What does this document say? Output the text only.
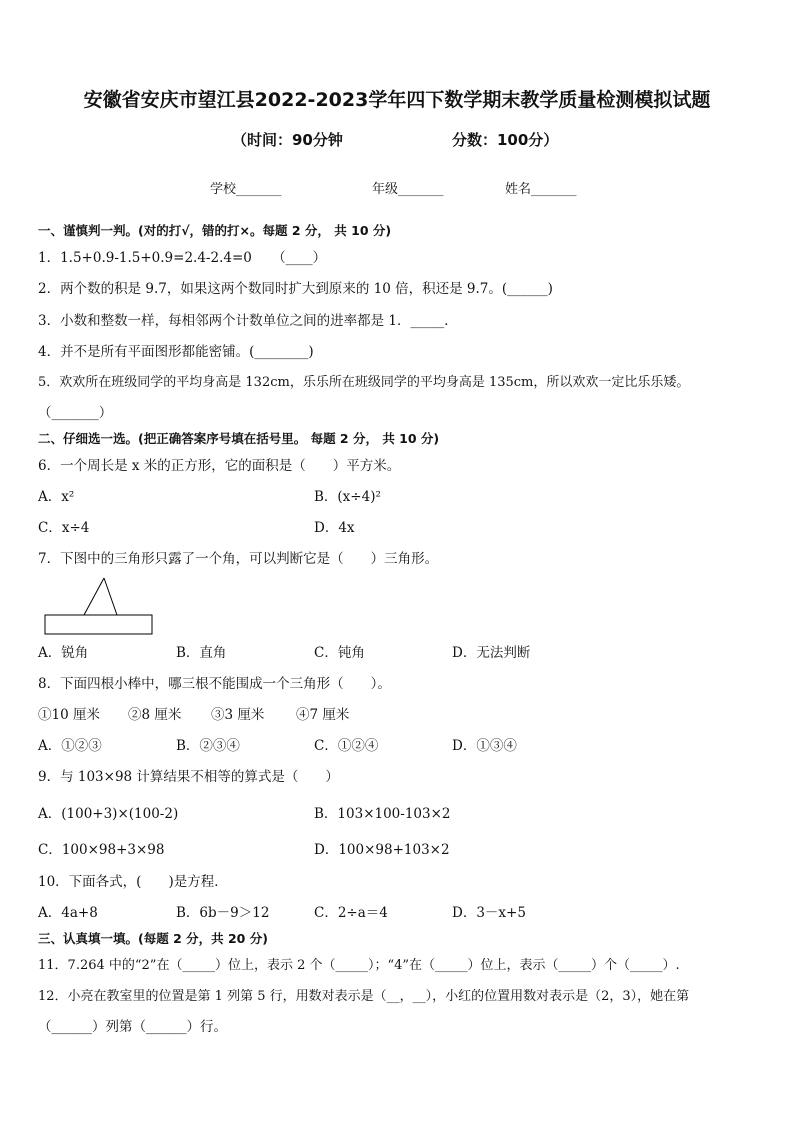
安徽省安庆市望江县2022-2023学年四下数学期末教学质量检测模拟试题
（时间：90分钟	分数：100分）
学校_______	年级_______	姓名_______
一、谨慎判一判。(对的打√，错的打×。每题 2 分， 共 10 分)
1．1.5+0.9-1.5+0.9=2.4-2.4=0　　（____）
2．两个数的积是 9.7，如果这两个数同时扩大到原来的 10 倍，积还是 9.7。(______)
3．小数和整数一样，每相邻两个计数单位之间的进率都是 1．_____．
4．并不是所有平面图形都能密铺。(________)
5．欢欢所在班级同学的平均身高是 132cm，乐乐所在班级同学的平均身高是 135cm，所以欢欢一定比乐乐矮。
（_______）
二、仔细选一选。(把正确答案序号填在括号里。 每题 2 分， 共 10 分)
6．一个周长是 x 米的正方形，它的面积是（　　）平方米。
A．x²	B．(x÷4)²
C．x÷4	D．4x
7．下图中的三角形只露了一个角，可以判断它是（　　）三角形。
A．锐角	B．直角	C．钝角	D．无法判断
8．下面四根小棒中，哪三根不能围成一个三角形（　　）。
①10 厘米 ②8 厘米 ③3 厘米 ④7 厘米
A．①②③	B．②③④	C．①②④	D．①③④
9．与 103×98 计算结果不相等的算式是（　　）
A．(100+3)×(100-2)	B．103×100-103×2
C．100×98+3×98	D．100×98+103×2
10．下面各式，(　　)是方程．
A．4a+8	B．6b－9＞12	C．2÷a＝4	D．3－x+5
三、认真填一填。(每题 2 分，共 20 分)
11．7.264 中的“2”在（_____）位上，表示 2 个（_____）；“4”在（_____）位上，表示（_____）个（_____）.
12．小亮在教室里的位置是第 1 列第 5 行，用数对表示是（__，__），小红的位置用数对表示是（2，3），她在第
（______）列第（______）行。
